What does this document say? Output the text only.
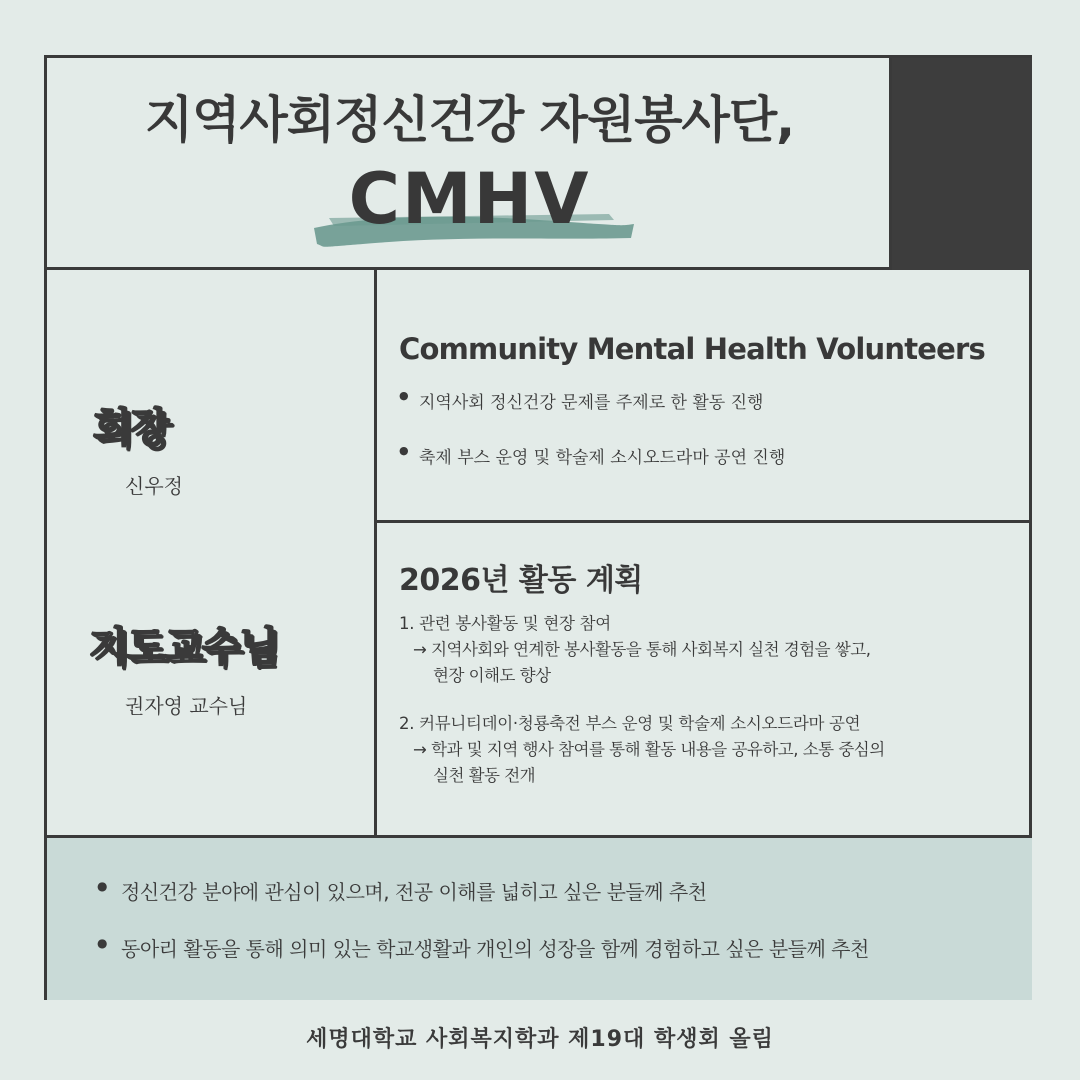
지역사회정신건강 자원봉사단,
CMHV
회장
신우정
지도교수님
권자영 교수님
Community Mental Health Volunteers
● 지역사회 정신건강 문제를 주제로 한 활동 진행
● 축제 부스 운영 및 학술제 소시오드라마 공연 진행
2026년 활동 계획
1. 관련 봉사활동 및 현장 참여
→ 지역사회와 연계한 봉사활동을 통해 사회복지 실천 경험을 쌓고,
현장 이해도 향상
2. 커뮤니티데이·청룡축전 부스 운영 및 학술제 소시오드라마 공연
→ 학과 및 지역 행사 참여를 통해 활동 내용을 공유하고, 소통 중심의
실천 활동 전개
● 정신건강 분야에 관심이 있으며, 전공 이해를 넓히고 싶은 분들께 추천
● 동아리 활동을 통해 의미 있는 학교생활과 개인의 성장을 함께 경험하고 싶은 분들께 추천
세명대학교 사회복지학과 제19대 학생회 올림
